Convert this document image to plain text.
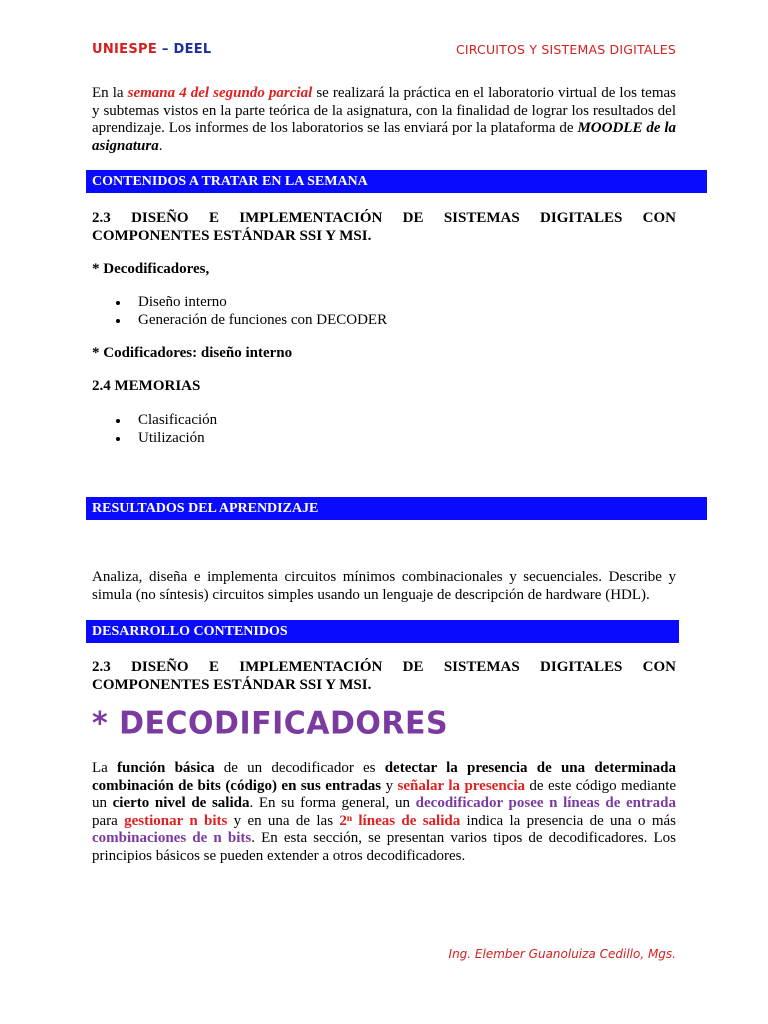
UNIESPE – DEEL	CIRCUITOS Y SISTEMAS DIGITALES
En la semana 4 del segundo parcial se realizará la práctica en el laboratorio virtual de los temas y subtemas vistos en la parte teórica de la asignatura, con la finalidad de lograr los resultados del aprendizaje. Los informes de los laboratorios se las enviará por la plataforma de MOODLE de la asignatura.
CONTENIDOS A TRATAR EN LA SEMANA
2.3 DISEÑO E IMPLEMENTACIÓN DE SISTEMAS DIGITALES CON
COMPONENTES ESTÁNDAR SSI Y MSI.
* Decodificadores,
Diseño interno
Generación de funciones con DECODER
* Codificadores: diseño interno
2.4 MEMORIAS
Clasificación
Utilización
RESULTADOS DEL APRENDIZAJE
Analiza, diseña e implementa circuitos mínimos combinacionales y secuenciales. Describe y simula (no síntesis) circuitos simples usando un lenguaje de descripción de hardware (HDL).
DESARROLLO CONTENIDOS
2.3 DISEÑO E IMPLEMENTACIÓN DE SISTEMAS DIGITALES CON
COMPONENTES ESTÁNDAR SSI Y MSI.
* DECODIFICADORES
La función básica de un decodificador es detectar la presencia de una determinada combinación de bits (código) en sus entradas y señalar la presencia de este código mediante un cierto nivel de salida. En su forma general, un decodificador posee n líneas de entrada para gestionar n bits y en una de las 2ⁿ líneas de salida indica la presencia de una o más combinaciones de n bits. En esta sección, se presentan varios tipos de decodificadores. Los principios básicos se pueden extender a otros decodificadores.
Ing. Elember Guanoluiza Cedillo, Mgs.
